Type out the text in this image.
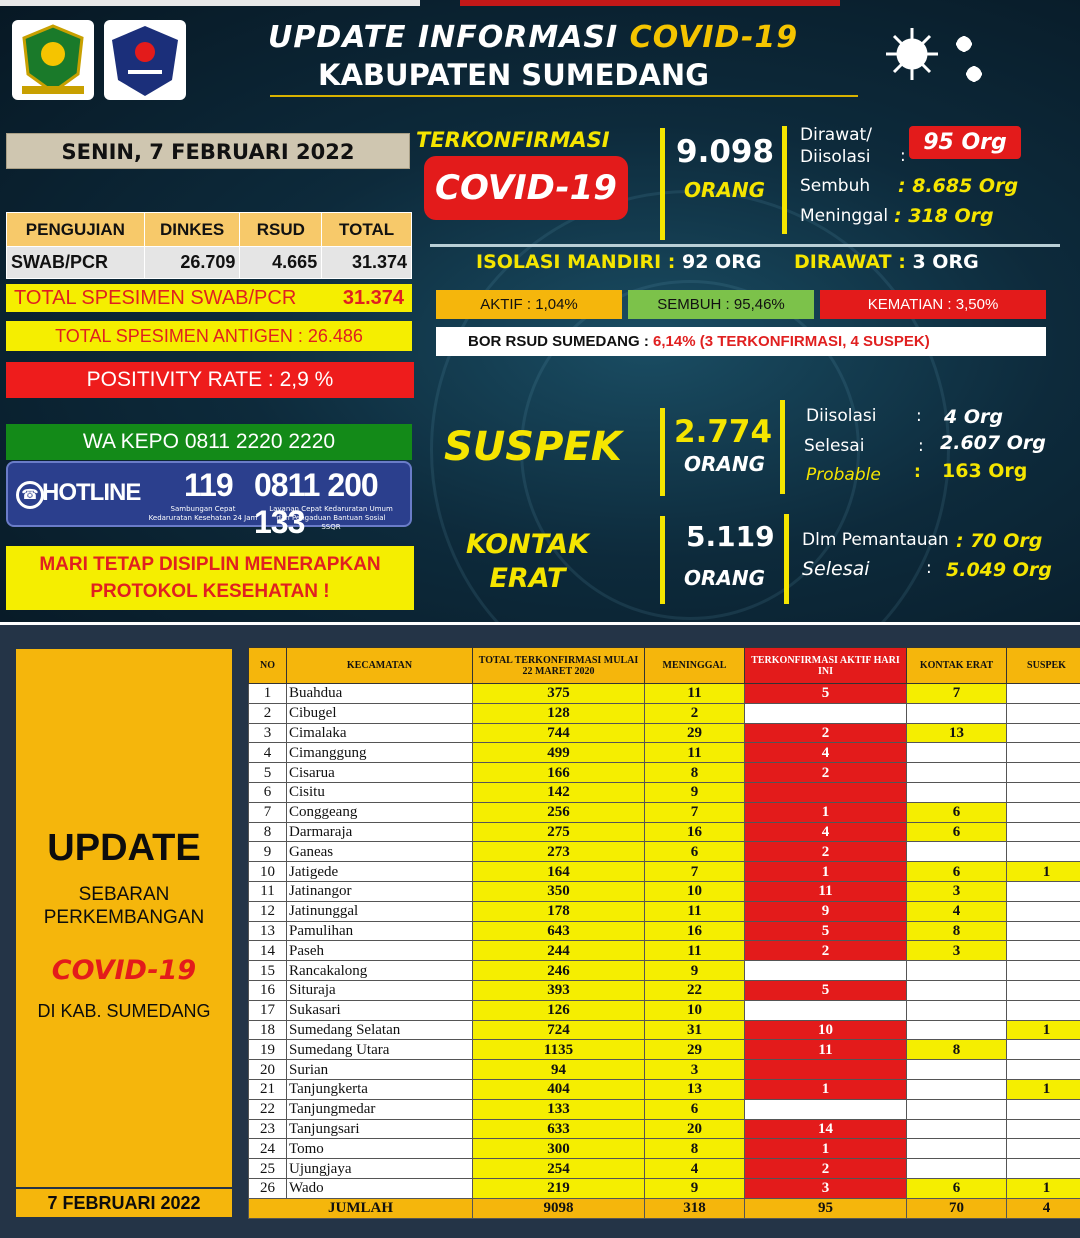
UPDATE INFORMASI COVID-19
KABUPATEN SUMEDANG
SENIN, 7 FEBRUARI 2022
PENGUJIAN	DINKES	RSUD	TOTAL
SWAB/PCR	26.709	4.665	31.374
TOTAL SPESIMEN SWAB/PCR 31.374
TOTAL SPESIMEN ANTIGEN : 26.486
POSITIVITY RATE : 2,9 %
WA KEPO 0811 2220 2220
☎ HOTLINE 119
Sambungan Cepat Kedaruratan Kesehatan 24 Jam
0811 200 133
Layanan Cepat Kedaruratan Umum dan Pengaduan Bantuan Sosial SSQR
MARI TETAP DISIPLIN MENERAPKAN PROTOKOL KESEHATAN !
TERKONFIRMASI
COVID-19
9.098
ORANG
Dirawat/ Diisolasi	:
95 Org
Sembuh : 8.685 Org
Meninggal : 318 Org
ISOLASI MANDIRI : 92 ORG DIRAWAT : 3 ORG
AKTIF : 1,04%	SEMBUH : 95,46%	KEMATIAN : 3,50%
BOR RSUD SUMEDANG : 6,14% (3 TERKONFIRMASI, 4 SUSPEK)
SUSPEK 2.774
ORANG
Diisolasi : 4 Org
Selesai	: 2.607 Org
Probable : 163 Org
KONTAK
ERAT
5.119
ORANG
Dlm Pemantauan : 70 Org
Selesai	: 5.049 Org
UPDATE
SEBARAN PERKEMBANGAN
COVID-19
DI KAB. SUMEDANG
7 FEBRUARI 2022
NO	KECAMATAN	TOTAL TERKONFIRMASI MULAI 22 MARET 2020	MENINGGAL	TERKONFIRMASI AKTIF HARI INI	KONTAK ERAT	SUSPEK
1	Buahdua	375	11	5	7	
2	Cibugel	128	2			
3	Cimalaka	744	29	2	13	
4	Cimanggung	499	11	4		
5	Cisarua	166	8	2		
6	Cisitu	142	9			
7	Conggeang	256	7	1	6	
8	Darmaraja	275	16	4	6	
9	Ganeas	273	6	2		
10	Jatigede	164	7	1	6	1
11	Jatinangor	350	10	11	3	
12	Jatinunggal	178	11	9	4	
13	Pamulihan	643	16	5	8	
14	Paseh	244	11	2	3	
15	Rancakalong	246	9			
16	Situraja	393	22	5		
17	Sukasari	126	10			
18	Sumedang Selatan	724	31	10		1
19	Sumedang Utara	1135	29	11	8	
20	Surian	94	3			
21	Tanjungkerta	404	13	1		1
22	Tanjungmedar	133	6			
23	Tanjungsari	633	20	14		
24	Tomo	300	8	1		
25	Ujungjaya	254	4	2		
26	Wado	219	9	3	6	1
JUMLAH		9098	318	95	70	4
